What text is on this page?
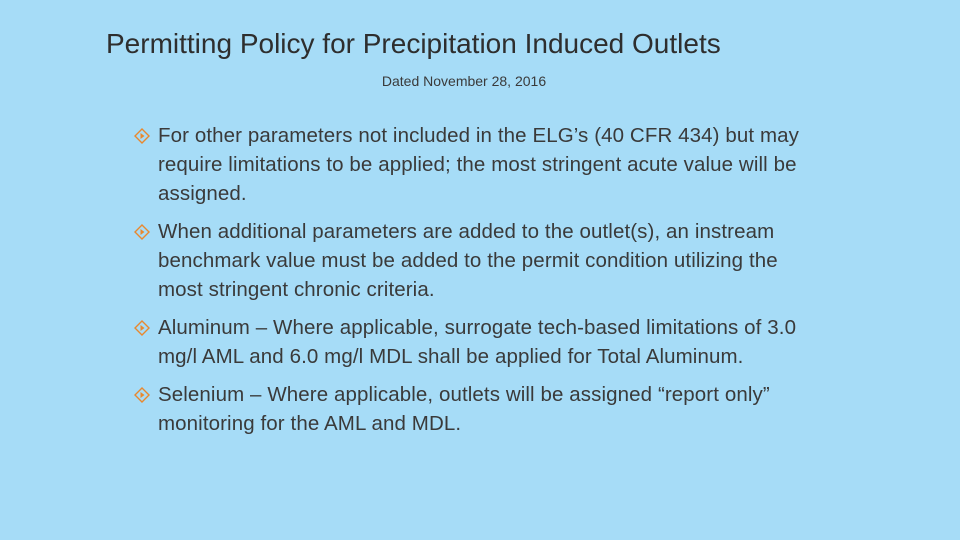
Permitting Policy for Precipitation Induced Outlets
Dated November 28, 2016
For other parameters not included in the ELG’s (40 CFR 434) but may require limitations to be applied; the most stringent acute value will be assigned.
When additional parameters are added to the outlet(s), an instream benchmark value must be added to the permit condition utilizing the most stringent chronic criteria.
Aluminum – Where applicable, surrogate tech-based limitations of 3.0 mg/l AML and 6.0 mg/l MDL shall be applied for Total Aluminum.
Selenium – Where applicable, outlets will be assigned “report only” monitoring for the AML and MDL.
